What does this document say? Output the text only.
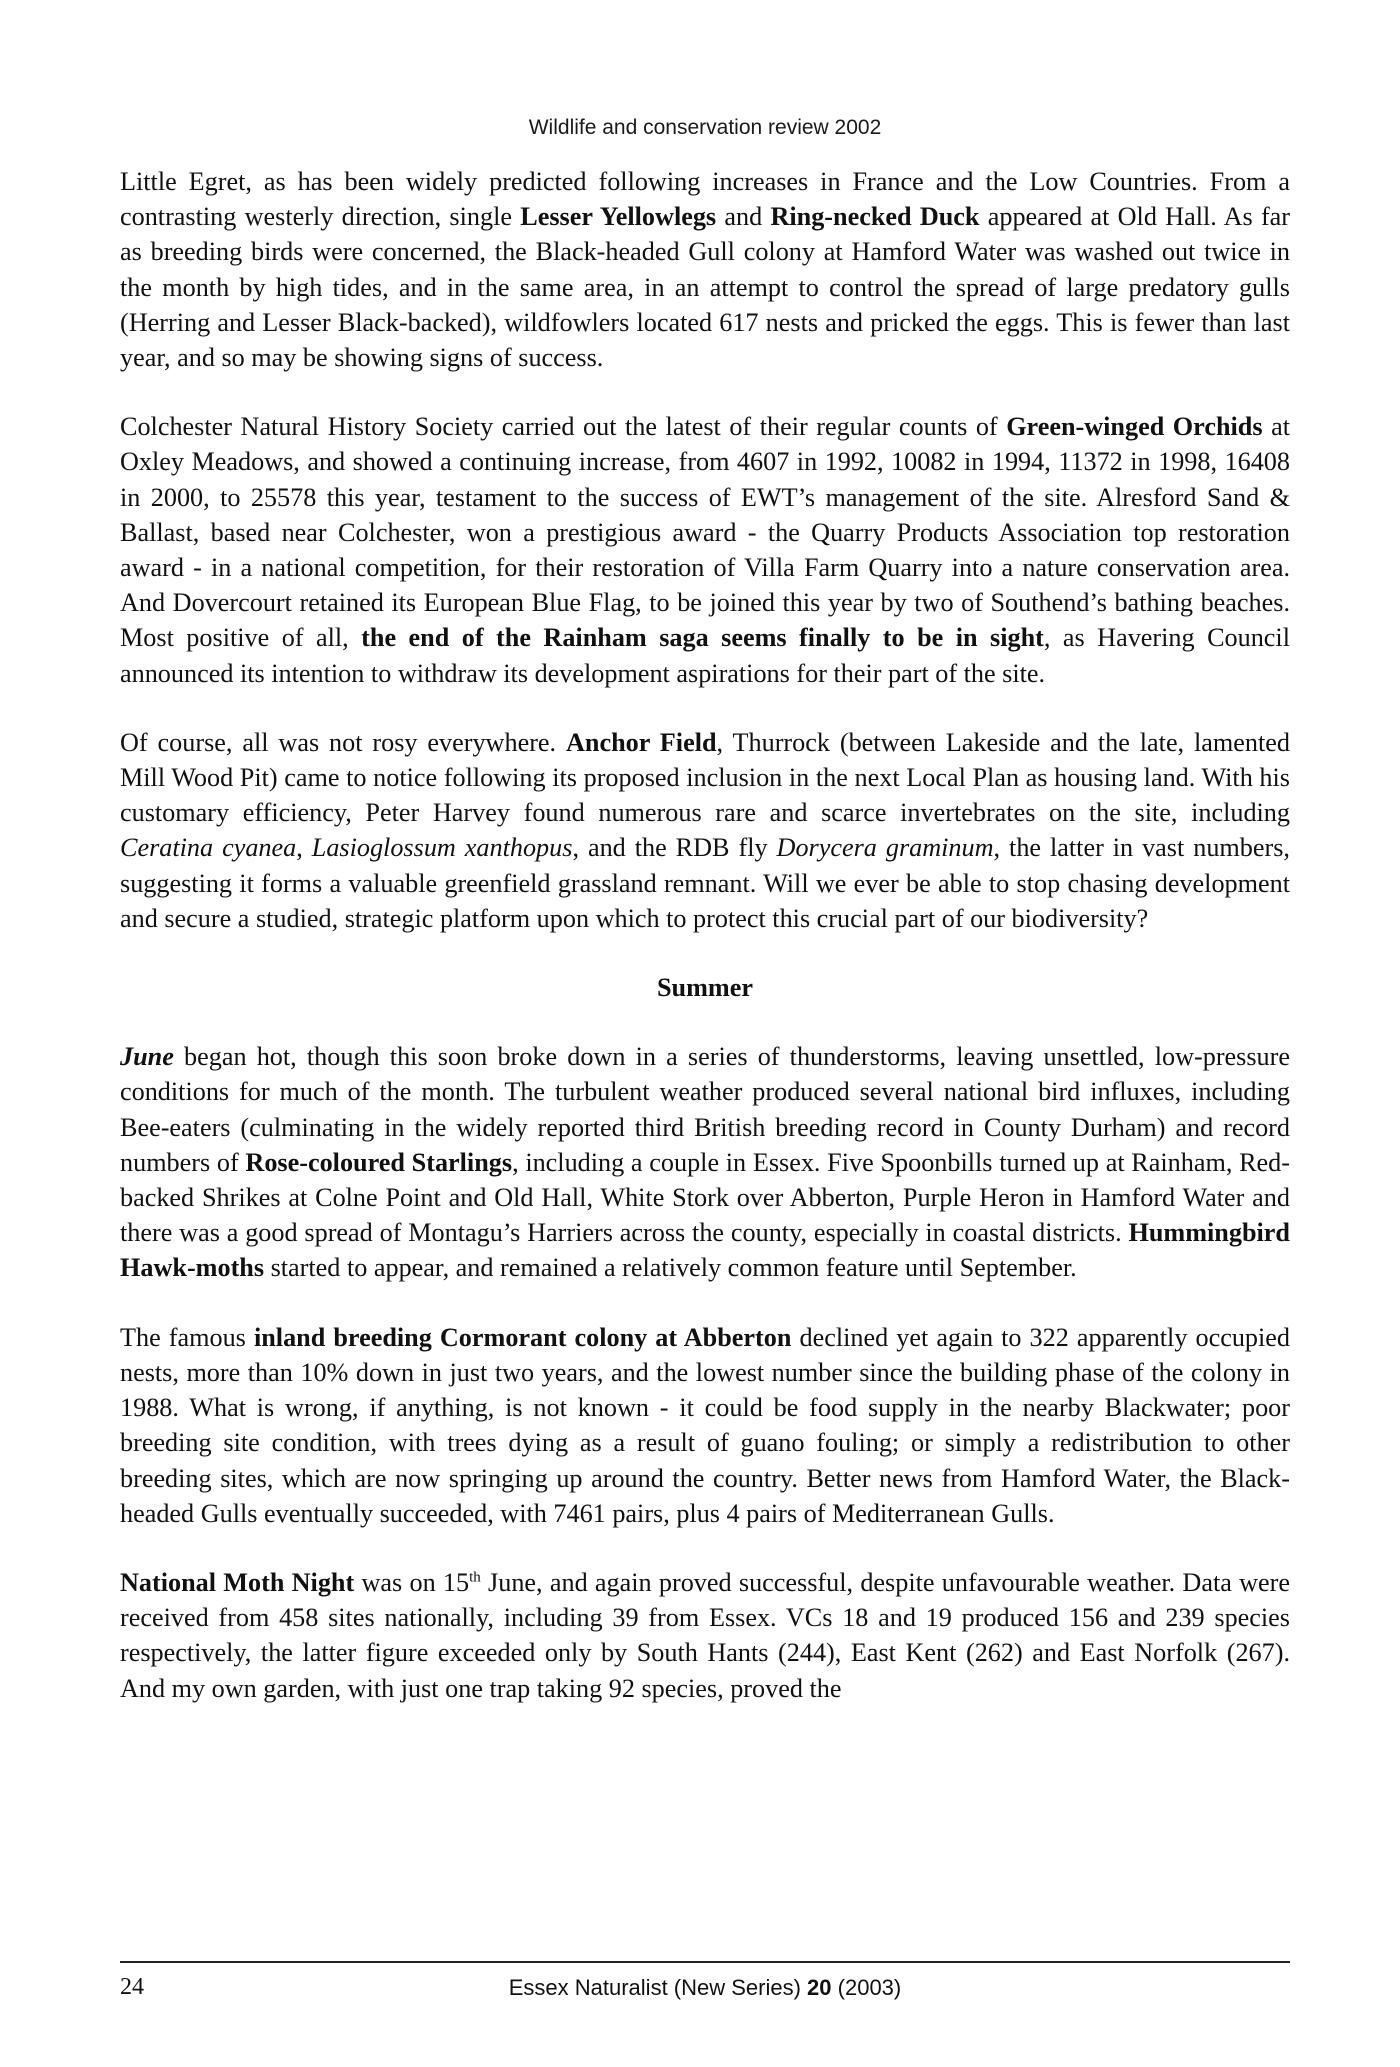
Wildlife and conservation review 2002

Little Egret, as has been widely predicted following increases in France and the Low Countries. From a contrasting westerly direction, single Lesser Yellowlegs and Ring-necked Duck appeared at Old Hall. As far as breeding birds were concerned, the Black-headed Gull colony at Hamford Water was washed out twice in the month by high tides, and in the same area, in an attempt to control the spread of large predatory gulls (Herring and Lesser Black-backed), wildfowlers located 617 nests and pricked the eggs. This is fewer than last year, and so may be showing signs of success.

Colchester Natural History Society carried out the latest of their regular counts of Green-winged Orchids at Oxley Meadows, and showed a continuing increase, from 4607 in 1992, 10082 in 1994, 11372 in 1998, 16408 in 2000, to 25578 this year, testament to the success of EWT’s management of the site. Alresford Sand & Ballast, based near Colchester, won a prestigious award - the Quarry Products Association top restoration award - in a national competition, for their restoration of Villa Farm Quarry into a nature conservation area. And Dovercourt retained its European Blue Flag, to be joined this year by two of Southend’s bathing beaches. Most positive of all, the end of the Rainham saga seems finally to be in sight, as Havering Council announced its intention to withdraw its development aspirations for their part of the site.

Of course, all was not rosy everywhere. Anchor Field, Thurrock (between Lakeside and the late, lamented Mill Wood Pit) came to notice following its proposed inclusion in the next Local Plan as housing land. With his customary efficiency, Peter Harvey found numerous rare and scarce invertebrates on the site, including Ceratina cyanea, Lasioglossum xanthopus, and the RDB fly Dorycera graminum, the latter in vast numbers, suggesting it forms a valuable greenfield grassland remnant. Will we ever be able to stop chasing development and secure a studied, strategic platform upon which to protect this crucial part of our biodiversity?

Summer

June began hot, though this soon broke down in a series of thunderstorms, leaving unsettled, low-pressure conditions for much of the month. The turbulent weather produced several national bird influxes, including Bee-eaters (culminating in the widely reported third British breeding record in County Durham) and record numbers of Rose-coloured Starlings, including a couple in Essex. Five Spoonbills turned up at Rainham, Red-backed Shrikes at Colne Point and Old Hall, White Stork over Abberton, Purple Heron in Hamford Water and there was a good spread of Montagu’s Harriers across the county, especially in coastal districts. Hummingbird Hawk-moths started to appear, and remained a relatively common feature until September.

The famous inland breeding Cormorant colony at Abberton declined yet again to 322 apparently occupied nests, more than 10% down in just two years, and the lowest number since the building phase of the colony in 1988. What is wrong, if anything, is not known - it could be food supply in the nearby Blackwater; poor breeding site condition, with trees dying as a result of guano fouling; or simply a redistribution to other breeding sites, which are now springing up around the country. Better news from Hamford Water, the Black-headed Gulls eventually succeeded, with 7461 pairs, plus 4 pairs of Mediterranean Gulls.

National Moth Night was on 15th June, and again proved successful, despite unfavourable weather. Data were received from 458 sites nationally, including 39 from Essex. VCs 18 and 19 produced 156 and 239 species respectively, the latter figure exceeded only by South Hants (244), East Kent (262) and East Norfolk (267). And my own garden, with just one trap taking 92 species, proved the

24	Essex Naturalist (New Series) 20 (2003)
